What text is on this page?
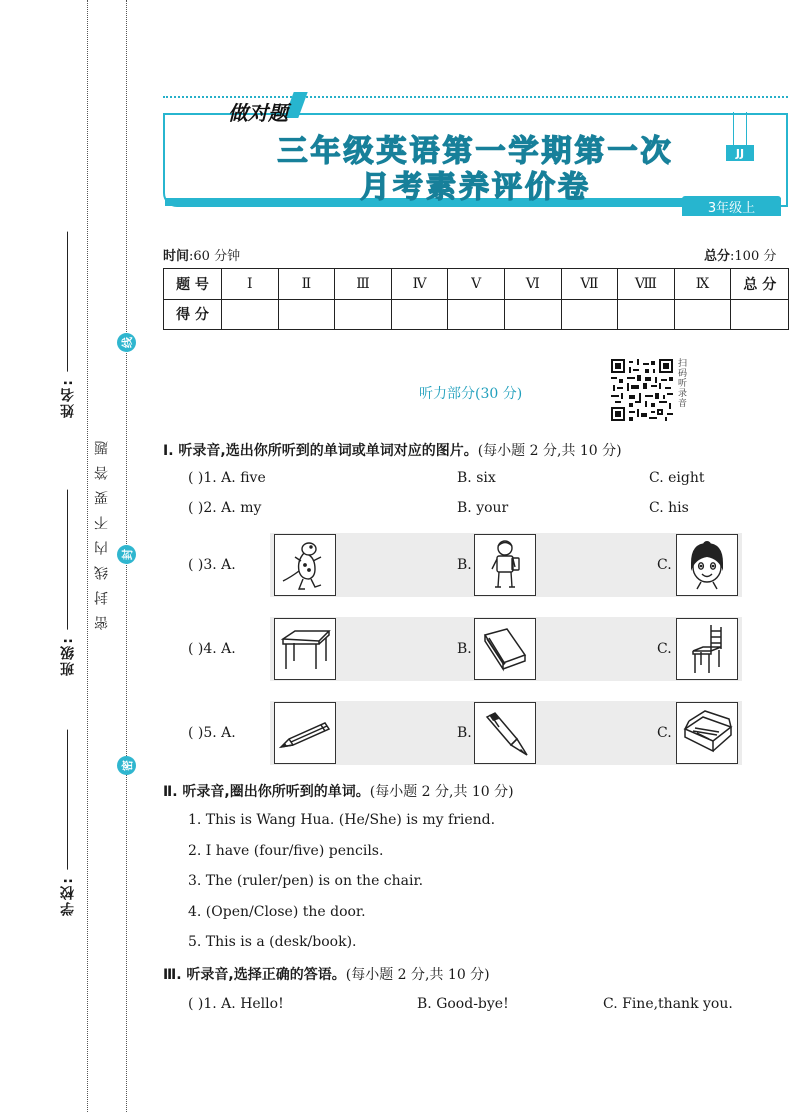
姓名:
班级:
学校:
密封线内不要答题
线
封
密
做对题
三年级英语第一学期第一次
月考素养评价卷
JJ
3年级上
时间:60 分钟	总分:100 分
题 号	Ⅰ	Ⅱ	Ⅲ	Ⅳ	Ⅴ	Ⅵ	Ⅶ	Ⅷ	Ⅸ	总 分
得 分										
听力部分(30 分)	扫码听录音
Ⅰ. 听录音,选出你所听到的单词或单词对应的图片。(每小题 2 分,共 10 分)
( )1. A. five	B. six	C. eight
( )2. A. my	B. your	C. his
( )3. A.	B.	C.
( )4. A.	B.	C.
( )5. A.	B.	C.
Ⅱ. 听录音,圈出你所听到的单词。(每小题 2 分,共 10 分)
1. This is Wang Hua. (He/She) is my friend.
2. I have (four/five) pencils.
3. The (ruler/pen) is on the chair.
4. (Open/Close) the door.
5. This is a (desk/book).
Ⅲ. 听录音,选择正确的答语。(每小题 2 分,共 10 分)
( )1. A. Hello!	B. Good-bye!	C. Fine,thank you.
